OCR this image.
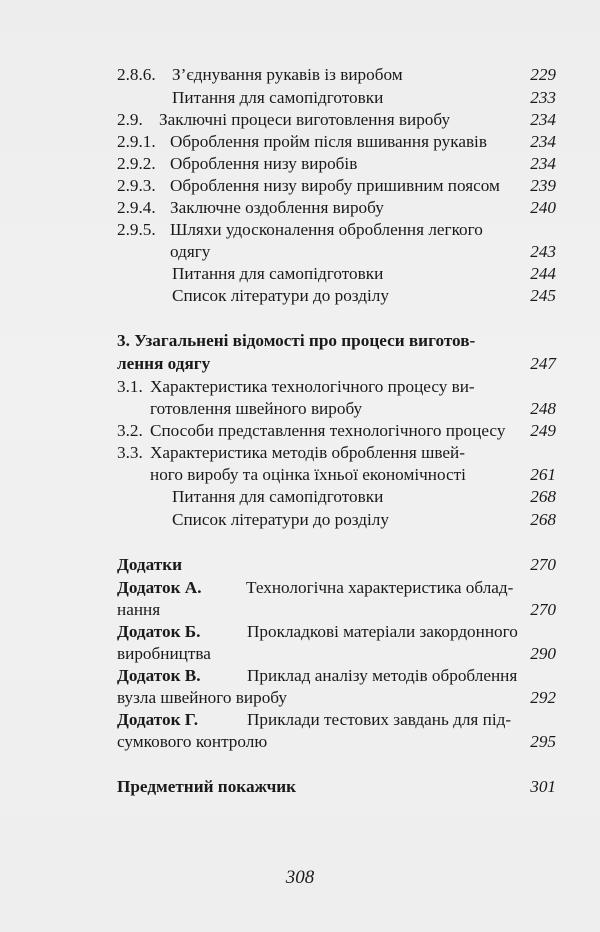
2.8.6. З’єднування рукавів із виробом	229
Питання для самопідготовки	233
2.9. Заключні процеси виготовлення виробу	234
2.9.1. Оброблення пройм після вшивання рукавів	234
2.9.2. Оброблення низу виробів	234
2.9.3. Оброблення низу виробу пришивним поясом 239
2.9.4. Заключне оздоблення виробу	240
2.9.5. Шляхи удосконалення оброблення легкого
одягу	243
Питання для самопідготовки	244
Список літератури до розділу	245
3. Узагальнені відомості про процеси виготов-
лення одягу	247
3.1. Характеристика технологічного процесу ви-
готовлення швейного виробу	248
3.2. Способи представлення технологічного процесу 249
3.3. Характеристика методів оброблення швей-
ного виробу та оцінка їхньої економічності	261
Питання для самопідготовки	268
Список літератури до розділу	268
Додатки	270
Додаток А.	Технологічна характеристика облад-
нання	270
Додаток Б.	Прокладкові матеріали закордонного
виробництва	290
Додаток В.	Приклад аналізу методів оброблення
вузла швейного виробу	292
Додаток Г.	Приклади тестових завдань для під-
сумкового контролю	295
Предметний покажчик	301
308
